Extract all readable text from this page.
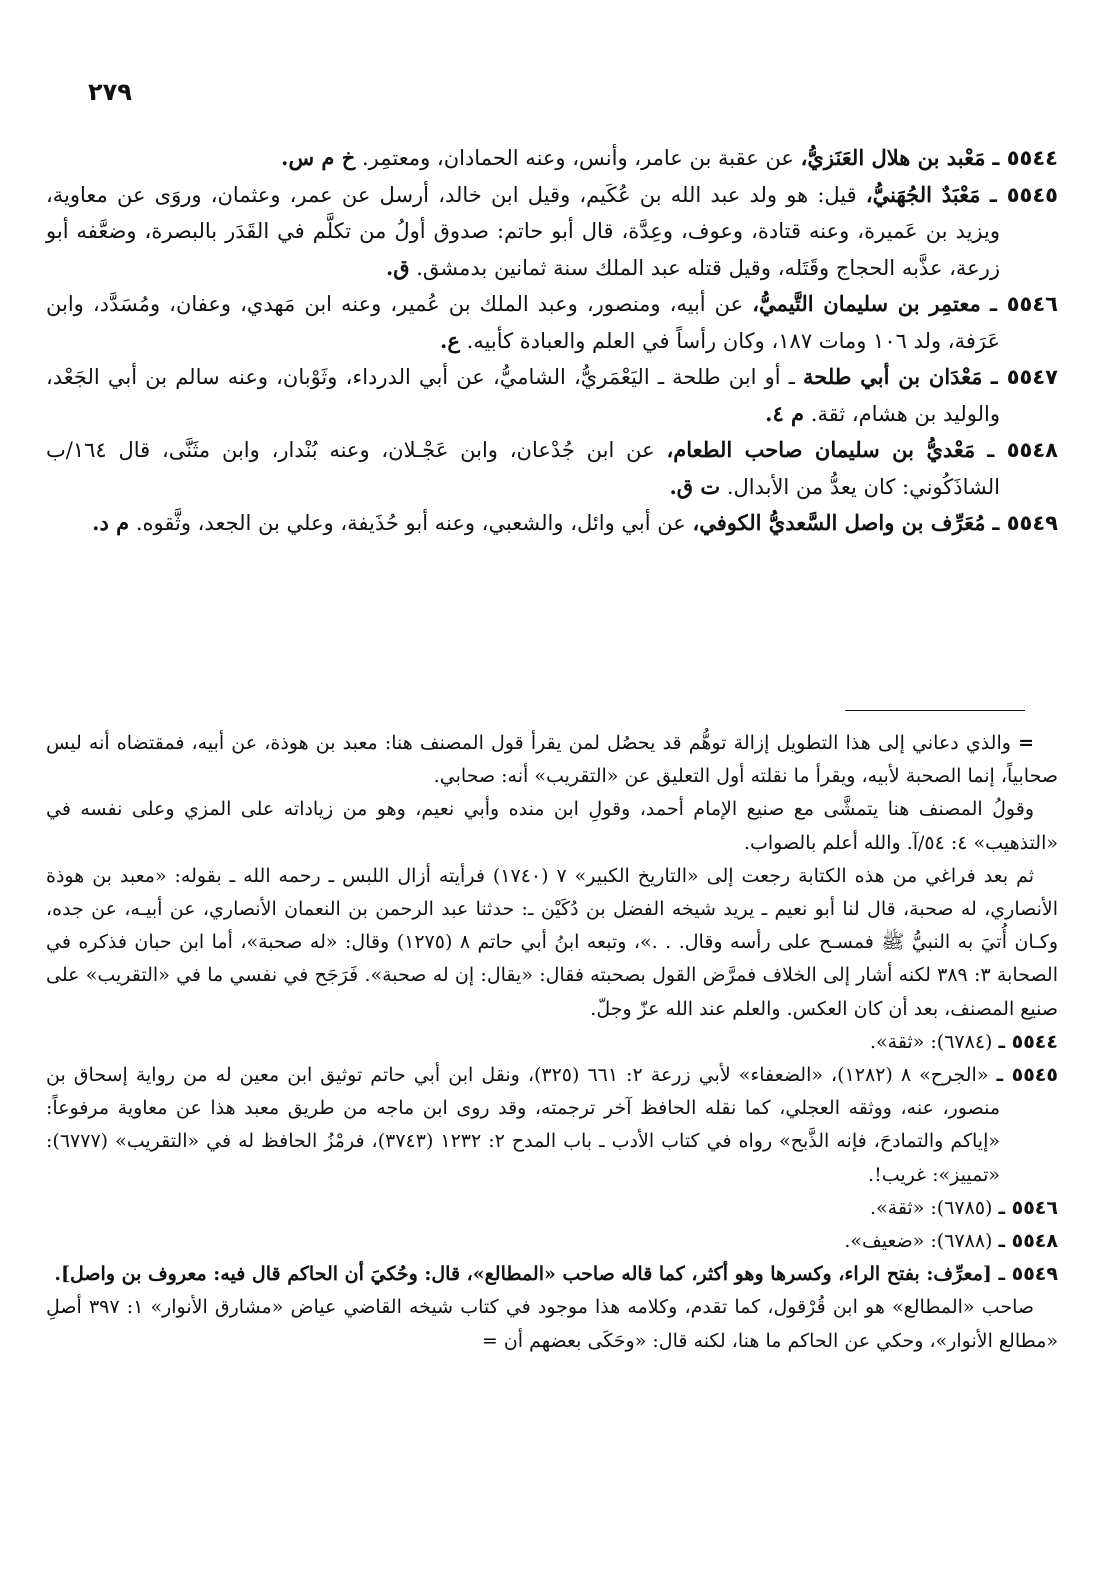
٢٧٩

٥٥٤٤ ـ مَعْبد بن هلال العَنَزيُّ، عن عقبة بن عامر، وأنس، وعنه الحمادان، ومعتمِر. خ م س.

٥٥٤٥ ـ مَعْبَدٌ الجُهَنيُّ، قيل: هو ولد عبد الله بن عُكَيم، وقيل ابن خالد، أرسل عن عمر، وعثمان، وروَى عن معاوية، ويزيد بن عَميرة، وعنه قتادة، وعوف، وعِدَّة، قال أبو حاتم: صدوق أولُ من تكلَّم في القَدَر بالبصرة، وضعَّفه أبو زرعة، عذَّبه الحجاج وقَتَله، وقيل قتله عبد الملك سنة ثمانين بدمشق. ق.

٥٥٤٦ ـ معتمِر بن سليمان التَّيميُّ، عن أبيه، ومنصور، وعبد الملك بن عُمير، وعنه ابن مَهدي، وعفان، ومُسَدَّد، وابن عَرَفة، ولد ١٠٦ ومات ١٨٧، وكان رأساً في العلم والعبادة كأبيه. ع.

٥٥٤٧ ـ مَعْدَان بن أبي طلحة ـ أو ابن طلحة ـ اليَعْمَريُّ، الشاميُّ، عن أبي الدرداء، وثَوْبان، وعنه سالم بن أبي الجَعْد، والوليد بن هشام، ثقة. م ٤.

٥٥٤٨ ـ مَعْديُّ بن سليمان صاحب الطعام، عن ابن جُدْعان، وابن عَجْـلان، وعنه بُنْدار، وابن مثَنَّى، قال ١٦٤/ب الشاذَكُوني: كان يعدُّ من الأبدال. ت ق.

٥٥٤٩ ـ مُعَرِّف بن واصل السَّعديُّ الكوفي، عن أبي وائل، والشعبي، وعنه أبو حُذَيفة، وعلي بن الجعد، وثَّقوه. م د.

= والذي دعاني إلى هذا التطويل إزالة توهُّم قد يحصُل لمن يقرأ قول المصنف هنا: معبد بن هوذة، عن أبيه، فمقتضاه أنه ليس صحابياً، إنما الصحبة لأبيه، ويقرأ ما نقلته أول التعليق عن «التقريب» أنه: صحابي.

وقولُ المصنف هنا يتمشَّى مع صنيع الإمام أحمد، وقولِ ابن منده وأبي نعيم، وهو من زياداته على المزي وعلى نفسه في «التذهيب» ٤: ٥٤/آ. والله أعلم بالصواب.

ثم بعد فراغي من هذه الكتابة رجعت إلى «التاريخ الكبير» ٧ (١٧٤٠) فرأيته أزال اللبس ـ رحمه الله ـ بقوله: «معبد بن هوذة الأنصاري، له صحبة، قال لنا أبو نعيم ـ يريد شيخه الفضل بن دُكَيْن ـ: حدثنا عبد الرحمن بن النعمان الأنصاري، عن أبيـه، عن جده، وكـان أُتيَ به النبيُّ ﷺ فمسـح على رأسه وقال. . .»، وتبعه ابنُ أبي حاتم ٨ (١٢٧٥) وقال: «له صحبة»، أما ابن حبان فذكره في الصحابة ٣: ٣٨٩ لكنه أشار إلى الخلاف فمرَّض القول بصحبته فقال: «يقال: إن له صحبة». فَرَجَح في نفسي ما في «التقريب» على صنيع المصنف، بعد أن كان العكس. والعلم عند الله عزّ وجلّ.

٥٥٤٤ ـ (٦٧٨٤): «ثقة».

٥٥٤٥ ـ «الجرح» ٨ (١٢٨٢)، «الضعفاء» لأبي زرعة ٢: ٦٦١ (٣٢٥)، ونقل ابن أبي حاتم توثيق ابن معين له من رواية إسحاق بن منصور، عنه، ووثقه العجلي، كما نقله الحافظ آخر ترجمته، وقد روى ابن ماجه من طريق معبد هذا عن معاوية مرفوعاً: «إياكم والتمادحَ، فإنه الذَّبح» رواه في كتاب الأدب ـ باب المدح ٢: ١٢٣٢ (٣٧٤٣)، فرمْزُ الحافظ له في «التقريب» (٦٧٧٧): «تمييز»: غريب!.

٥٥٤٦ ـ (٦٧٨٥): «ثقة».

٥٥٤٨ ـ (٦٧٨٨): «ضعيف».

٥٥٤٩ ـ [معرِّف: بفتح الراء، وكسرها وهو أكثر، كما قاله صاحب «المطالع»، قال: وحُكيَ أن الحاكم قال فيه: معروف بن واصل].

صاحب «المطالع» هو ابن قُرْقول، كما تقدم، وكلامه هذا موجود في كتاب شيخه القاضي عياض «مشارق الأنوار» ١: ٣٩٧ أصلِ «مطالع الأنوار»، وحكي عن الحاكم ما هنا، لكنه قال: «وحَكَى بعضهم أن =
